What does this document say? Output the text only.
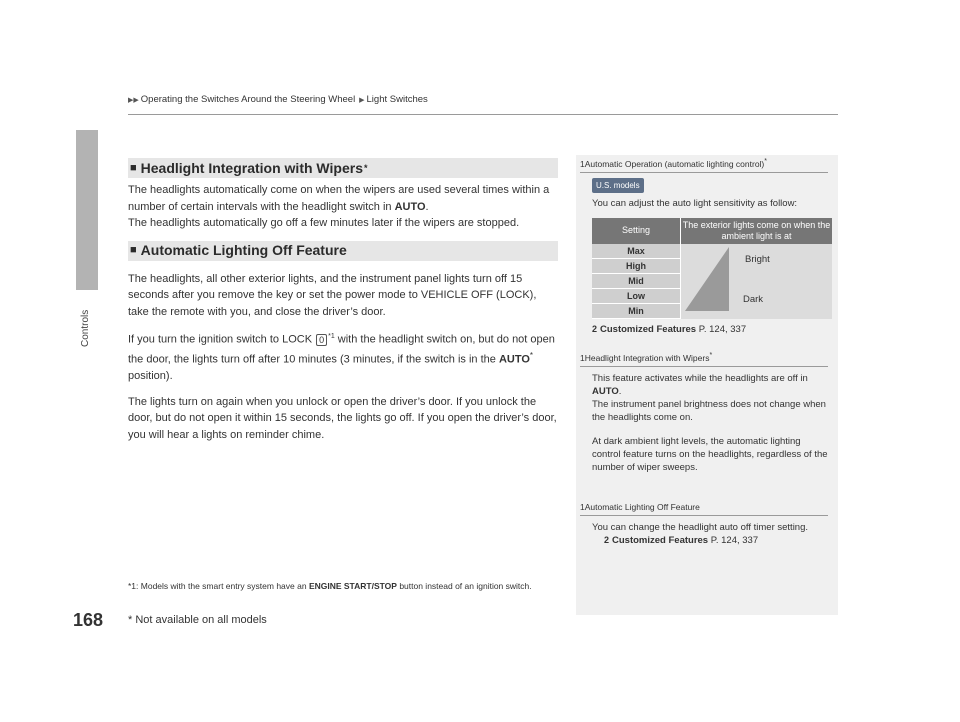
▶▶ Operating the Switches Around the Steering Wheel ▶ Light Switches
Controls
168
■ Headlight Integration with Wipers *

The headlights automatically come on when the wipers are used several times within a number of certain intervals with the headlight switch in AUTO.
The headlights automatically go off a few minutes later if the wipers are stopped.

■ Automatic Lighting Off Feature

The headlights, all other exterior lights, and the instrument panel lights turn off 15 seconds after you remove the key or set the power mode to VEHICLE OFF (LOCK), take the remote with you, and close the driver’s door.

If you turn the ignition switch to LOCK 0 $^{*1}$ with the headlight switch on, but do not open the door, the lights turn off after 10 minutes (3 minutes, if the switch is in the AUTO* position).

The lights turn on again when you unlock or open the driver’s door. If you unlock the door, but do not open it within 15 seconds, the lights go off. If you open the driver’s door, you will hear a lights on reminder chime.

*1: Models with the smart entry system have an ENGINE START/STOP button instead of an ignition switch.
* Not available on all models
1Automatic Operation (automatic lighting control)*
U.S. models

You can adjust the auto light sensitivity as follow:

Setting
The exterior lights come on when the ambient light is at
Max
High
Mid
Low
Min
Bright
Dark
2 Customized Features P. 124, 337
1Headlight Integration with Wipers*

This feature activates while the headlights are off in AUTO.
The instrument panel brightness does not change when the headlights come on.

At dark ambient light levels, the automatic lighting control feature turns on the headlights, regardless of the number of wiper sweeps.

1Automatic Lighting Off Feature

You can change the headlight auto off timer setting.

2 Customized Features P. 124, 337
